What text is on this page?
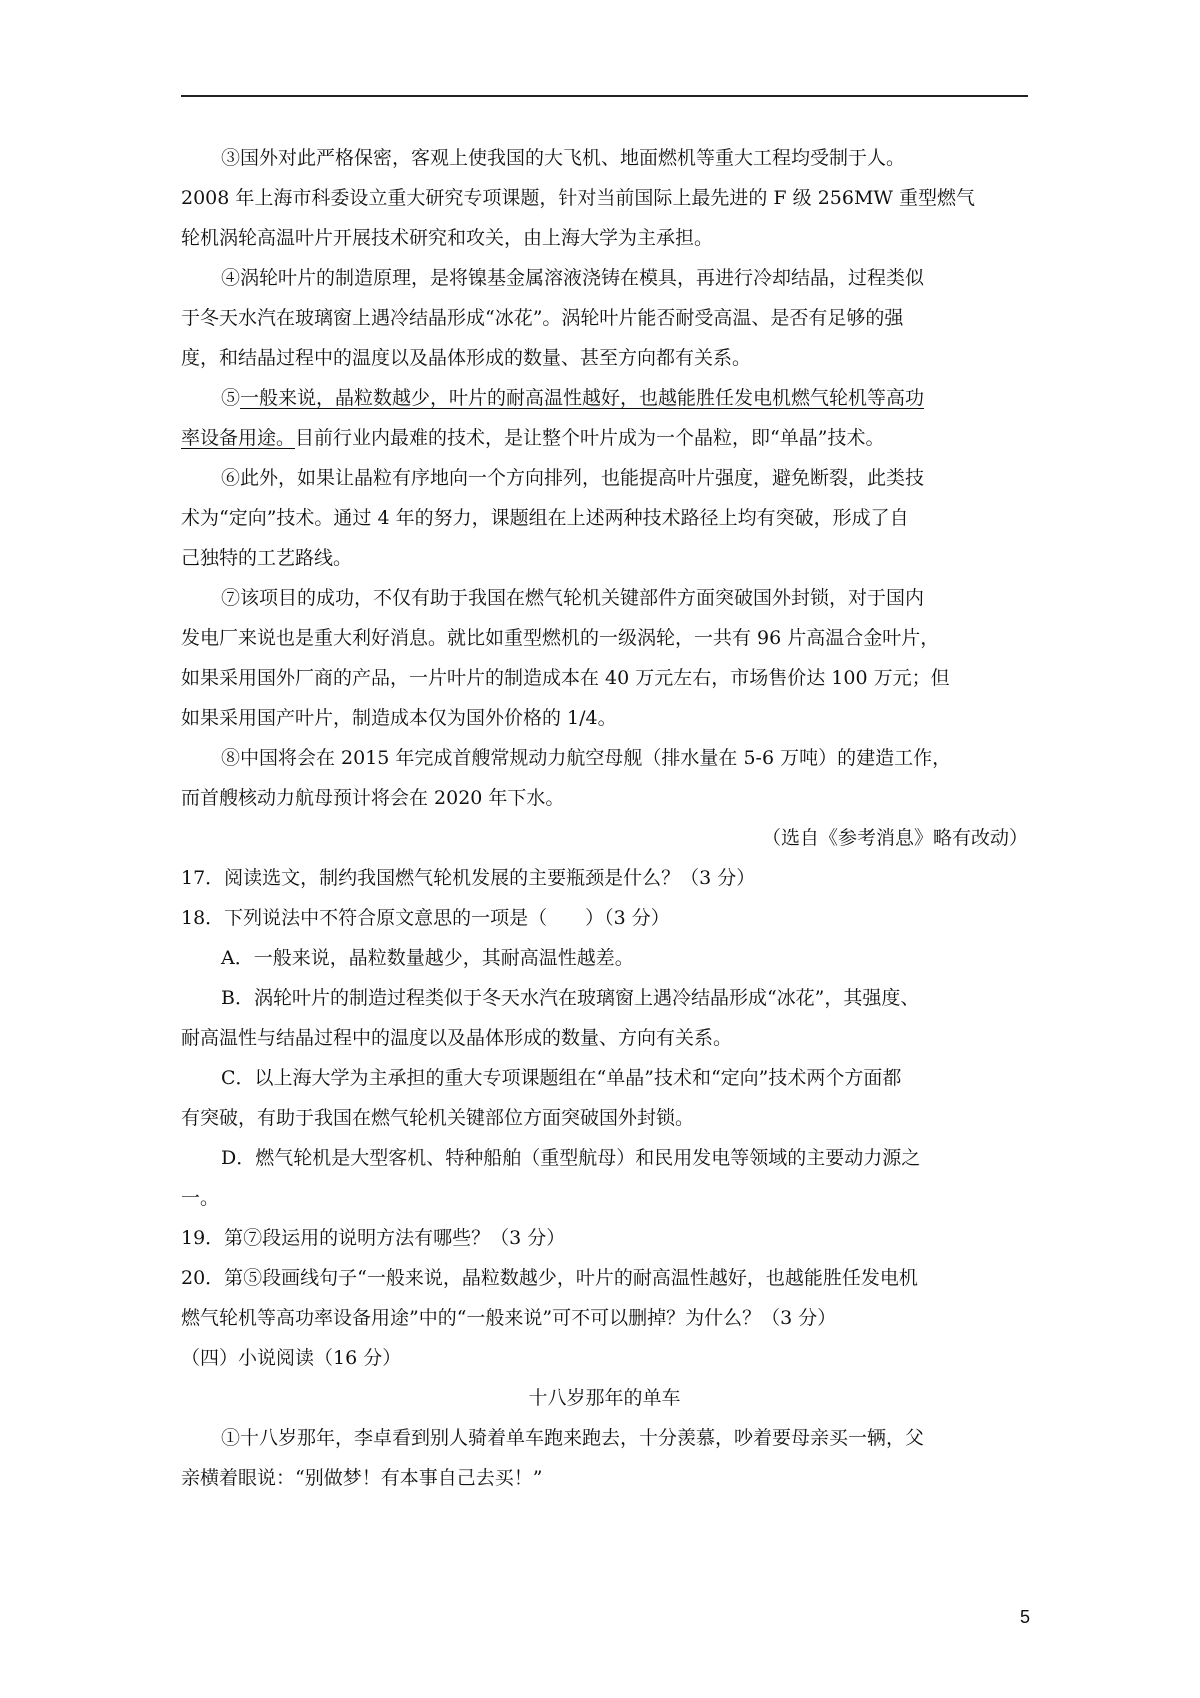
③国外对此严格保密，客观上使我国的大飞机、地面燃机等重大工程均受制于人。
2008 年上海市科委设立重大研究专项课题，针对当前国际上最先进的 F 级 256MW 重型燃气
轮机涡轮高温叶片开展技术研究和攻关，由上海大学为主承担。
④涡轮叶片的制造原理，是将镍基金属溶液浇铸在模具，再进行冷却结晶，过程类似
于冬天水汽在玻璃窗上遇冷结晶形成“冰花”。涡轮叶片能否耐受高温、是否有足够的强
度，和结晶过程中的温度以及晶体形成的数量、甚至方向都有关系。
⑤一般来说，晶粒数越少，叶片的耐高温性越好，也越能胜任发电机燃气轮机等高功
率设备用途。目前行业内最难的技术，是让整个叶片成为一个晶粒，即“单晶”技术。
⑥此外，如果让晶粒有序地向一个方向排列，也能提高叶片强度，避免断裂，此类技
术为“定向”技术。通过 4 年的努力，课题组在上述两种技术路径上均有突破，形成了自
己独特的工艺路线。
⑦该项目的成功，不仅有助于我国在燃气轮机关键部件方面突破国外封锁，对于国内
发电厂来说也是重大利好消息。就比如重型燃机的一级涡轮，一共有 96 片高温合金叶片，
如果采用国外厂商的产品，一片叶片的制造成本在 40 万元左右，市场售价达 100 万元；但
如果采用国产叶片，制造成本仅为国外价格的 1/4。
⑧中国将会在 2015 年完成首艘常规动力航空母舰（排水量在 5-6 万吨）的建造工作，
而首艘核动力航母预计将会在 2020 年下水。
（选自《参考消息》略有改动）
17．阅读选文，制约我国燃气轮机发展的主要瓶颈是什么？（3 分）
18．下列说法中不符合原文意思的一项是（　　）（3 分）
A．一般来说，晶粒数量越少，其耐高温性越差。
B．涡轮叶片的制造过程类似于冬天水汽在玻璃窗上遇冷结晶形成“冰花”，其强度、
耐高温性与结晶过程中的温度以及晶体形成的数量、方向有关系。
C．以上海大学为主承担的重大专项课题组在“单晶”技术和“定向”技术两个方面都
有突破，有助于我国在燃气轮机关键部位方面突破国外封锁。
D．燃气轮机是大型客机、特种船舶（重型航母）和民用发电等领域的主要动力源之
一。
19．第⑦段运用的说明方法有哪些？（3 分）
20．第⑤段画线句子“一般来说，晶粒数越少，叶片的耐高温性越好，也越能胜任发电机
燃气轮机等高功率设备用途”中的“一般来说”可不可以删掉？为什么？（3 分）
（四）小说阅读（16 分）
十八岁那年的单车
①十八岁那年，李卓看到别人骑着单车跑来跑去，十分羡慕，吵着要母亲买一辆，父
亲横着眼说：“别做梦！有本事自己去买！”
5
